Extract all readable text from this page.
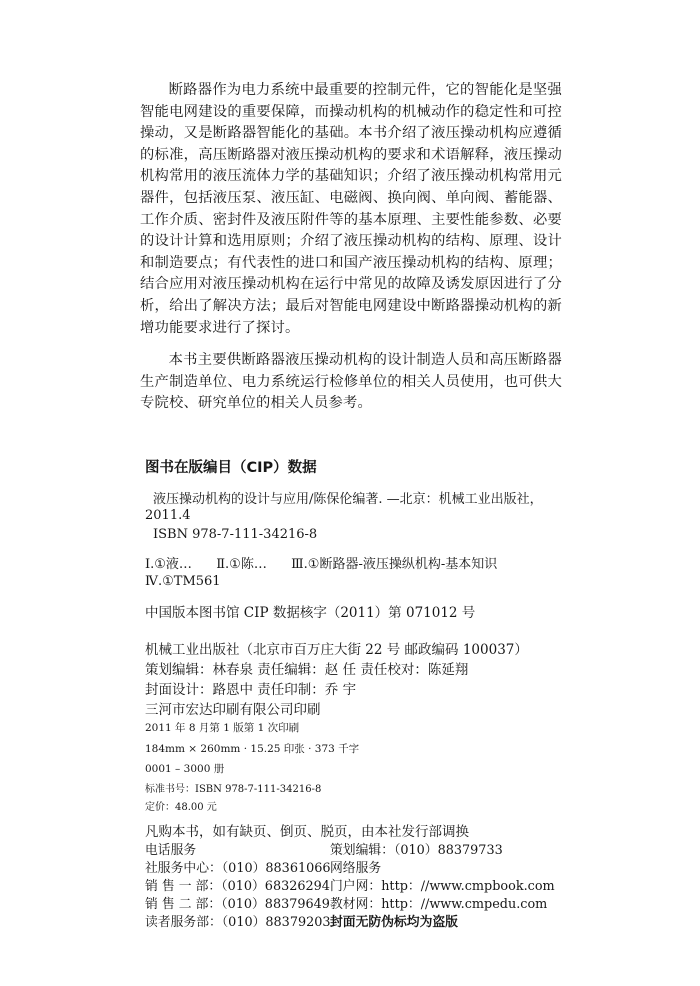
断路器作为电力系统中最重要的控制元件，它的智能化是坚强智能电网建设的重要保障，而操动机构的机械动作的稳定性和可控操动，又是断路器智能化的基础。本书介绍了液压操动机构应遵循的标准，高压断路器对液压操动机构的要求和术语解释，液压操动机构常用的液压流体力学的基础知识；介绍了液压操动机构常用元器件，包括液压泵、液压缸、电磁阀、换向阀、单向阀、蓄能器、工作介质、密封件及液压附件等的基本原理、主要性能参数、必要的设计计算和选用原则；介绍了液压操动机构的结构、原理、设计和制造要点；有代表性的进口和国产液压操动机构的结构、原理；结合应用对液压操动机构在运行中常见的故障及诱发原因进行了分析，给出了解决方法；最后对智能电网建设中断路器操动机构的新增功能要求进行了探讨。

本书主要供断路器液压操动机构的设计制造人员和高压断路器生产制造单位、电力系统运行检修单位的相关人员使用，也可供大专院校、研究单位的相关人员参考。

图书在版编目（CIP）数据
液压操动机构的设计与应用/陈保伦编著. —北京：机械工业出版社，
2011.4
ISBN 978-7-111-34216-8
Ⅰ.①液… Ⅱ.①陈… Ⅲ.①断路器-液压操纵机构-基本知识
Ⅳ.①TM561
中国版本图书馆 CIP 数据核字（2011）第 071012 号
机械工业出版社（北京市百万庄大街 22 号 邮政编码 100037）
策划编辑：林春泉 责任编辑：赵 任 责任校对：陈延翔
封面设计：路恩中 责任印制：乔 宇
三河市宏达印刷有限公司印刷
2011 年 8 月第 1 版第 1 次印刷
184mm × 260mm · 15.25 印张 · 373 千字
0001 – 3000 册
标准书号：ISBN 978-7-111-34216-8
定价：48.00 元
凡购本书，如有缺页、倒页、脱页，由本社发行部调换
电话服务	策划编辑：（010）88379733
社服务中心：（010）88361066 网络服务
销 售 一 部：（010）68326294 门户网：http：//www.cmpbook.com
销 售 二 部：（010）88379649 教材网：http：//www.cmpedu.com
读者服务部：（010）88379203 封面无防伪标均为盗版
